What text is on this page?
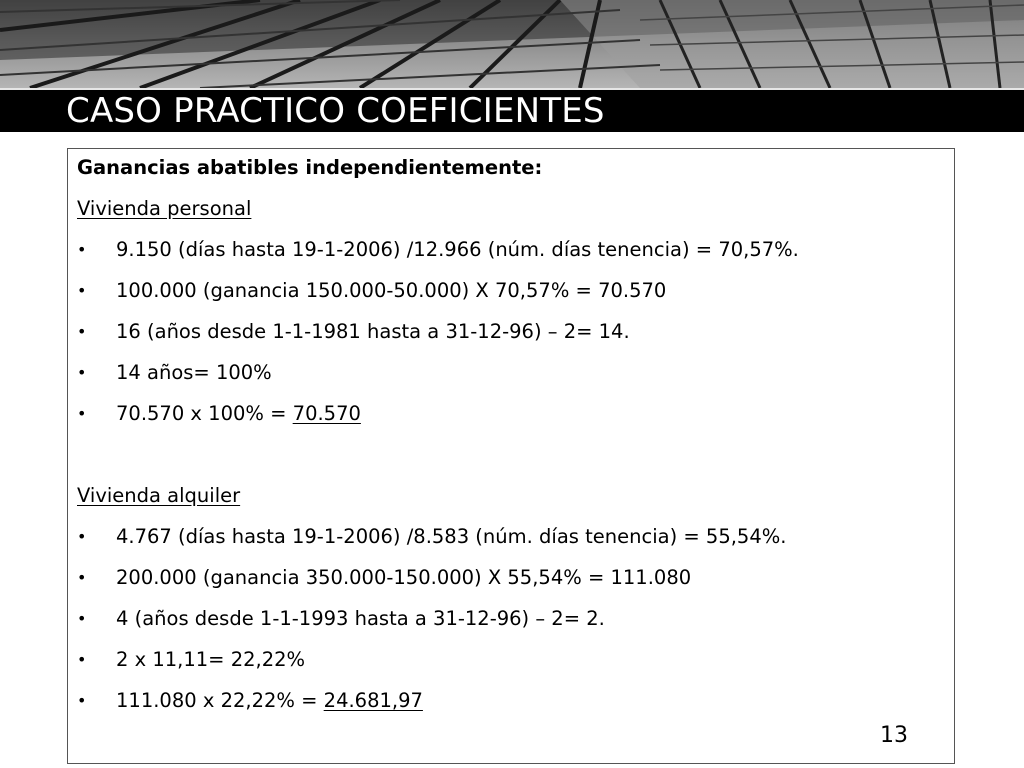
CASO PRACTICO COEFICIENTES
Ganancias abatibles independientemente:
Vivienda personal
• 9.150 (días hasta 19-1-2006) /12.966 (núm. días tenencia) = 70,57%.
• 100.000 (ganancia 150.000-50.000) X 70,57% = 70.570
• 16 (años desde 1-1-1981 hasta a 31-12-96) – 2= 14.
• 14 años= 100%
• 70.570 x 100% = 70.570
Vivienda alquiler
• 4.767 (días hasta 19-1-2006) /8.583 (núm. días tenencia) = 55,54%.
• 200.000 (ganancia 350.000-150.000) X 55,54% = 111.080
• 4 (años desde 1-1-1993 hasta a 31-12-96) – 2= 2.
• 2 x 11,11= 22,22%
• 111.080 x 22,22% = 24.681,97
13
